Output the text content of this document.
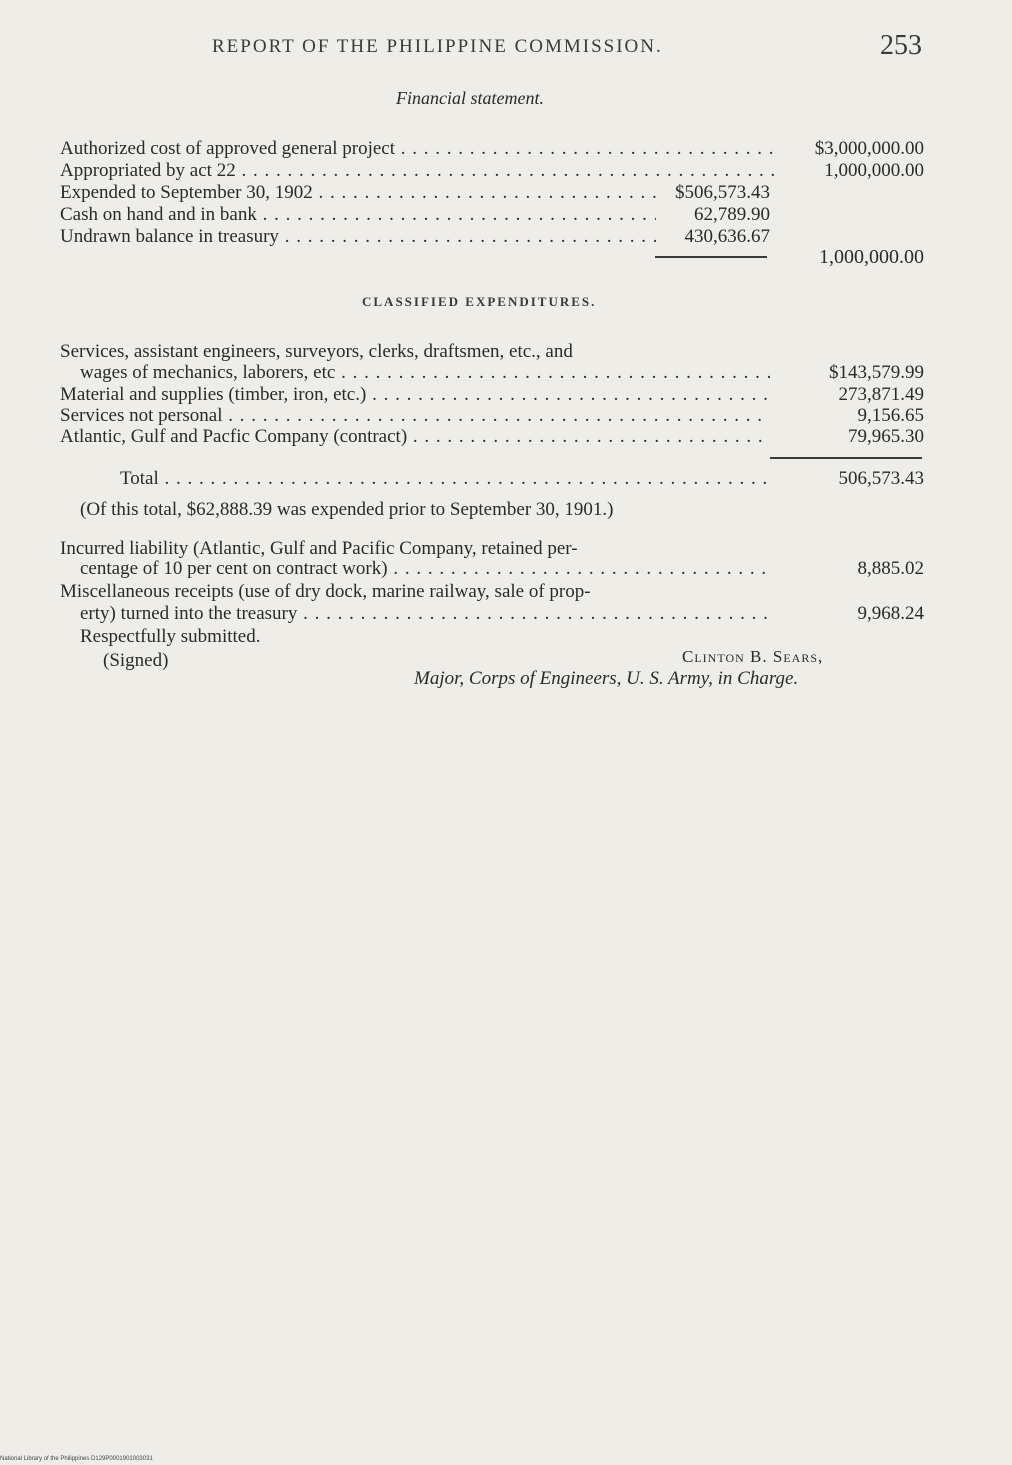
REPORT OF THE PHILIPPINE COMMISSION.	253
Financial statement.
Authorized cost of approved general project . . .	$3,000,000.00
Appropriated by act 22 . . .	1,000,000.00
Expended to September 30, 1902 . . .	$506,573.43
Cash on hand and in bank . . .	62,789.90
Undrawn balance in treasury . . .	430,636.67
1,000,000.00
CLASSIFIED EXPENDITURES.
Services, assistant engineers, surveyors, clerks, draftsmen, etc., and
wages of mechanics, laborers, etc . . .	$143,579.99
Material and supplies (timber, iron, etc.) . . .	273,871.49
Services not personal . . .	9,156.65
Atlantic, Gulf and Pacfic Company (contract) . . .	79,965.30
Total . . .	506,573.43
(Of this total, $62,888.39 was expended prior to September 30, 1901.)
Incurred liability (Atlantic, Gulf and Pacific Company, retained per-
centage of 10 per cent on contract work) . . .	8,885.02
Miscellaneous receipts (use of dry dock, marine railway, sale of prop-
erty) turned into the treasury . . .	9,968.24
Respectfully submitted.
(Signed)	Clinton B. Sears,
Major, Corps of Engineers, U. S. Army, in Charge.
National Library of the Philippines D129P0001901003031
